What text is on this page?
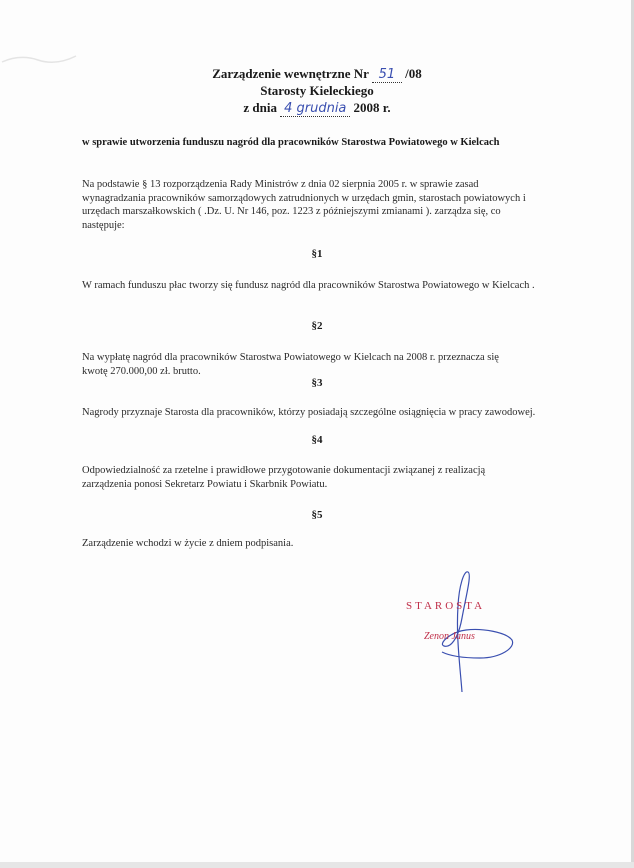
Zarządzenie wewnętrzne Nr 51 /08
Starosty Kieleckiego
z dnia 4 grudnia 2008 r.
w sprawie utworzenia funduszu nagród dla pracowników Starostwa Powiatowego w Kielcach
Na podstawie § 13 rozporządzenia Rady Ministrów z dnia 02 sierpnia 2005 r. w sprawie zasad wynagradzania pracowników samorządowych zatrudnionych w urzędach gmin, starostach powiatowych i urzędach marszałkowskich ( .Dz. U. Nr 146, poz. 1223 z późniejszymi zmianami ). zarządza się, co następuje:
§1
W ramach funduszu płac tworzy się fundusz nagród dla pracowników Starostwa Powiatowego w Kielcach .
§2
Na wypłatę nagród dla pracowników Starostwa Powiatowego w Kielcach na 2008 r. przeznacza się kwotę 270.000,00 zł. brutto.
§3
Nagrody przyznaje Starosta dla pracowników, którzy posiadają szczególne osiągnięcia w pracy zawodowej.
§4
Odpowiedzialność za rzetelne i prawidłowe przygotowanie dokumentacji związanej z realizacją zarządzenia ponosi Sekretarz Powiatu i Skarbnik Powiatu.
§5
Zarządzenie wchodzi w życie z dniem podpisania.
STAROSTA
Zenon Janus
